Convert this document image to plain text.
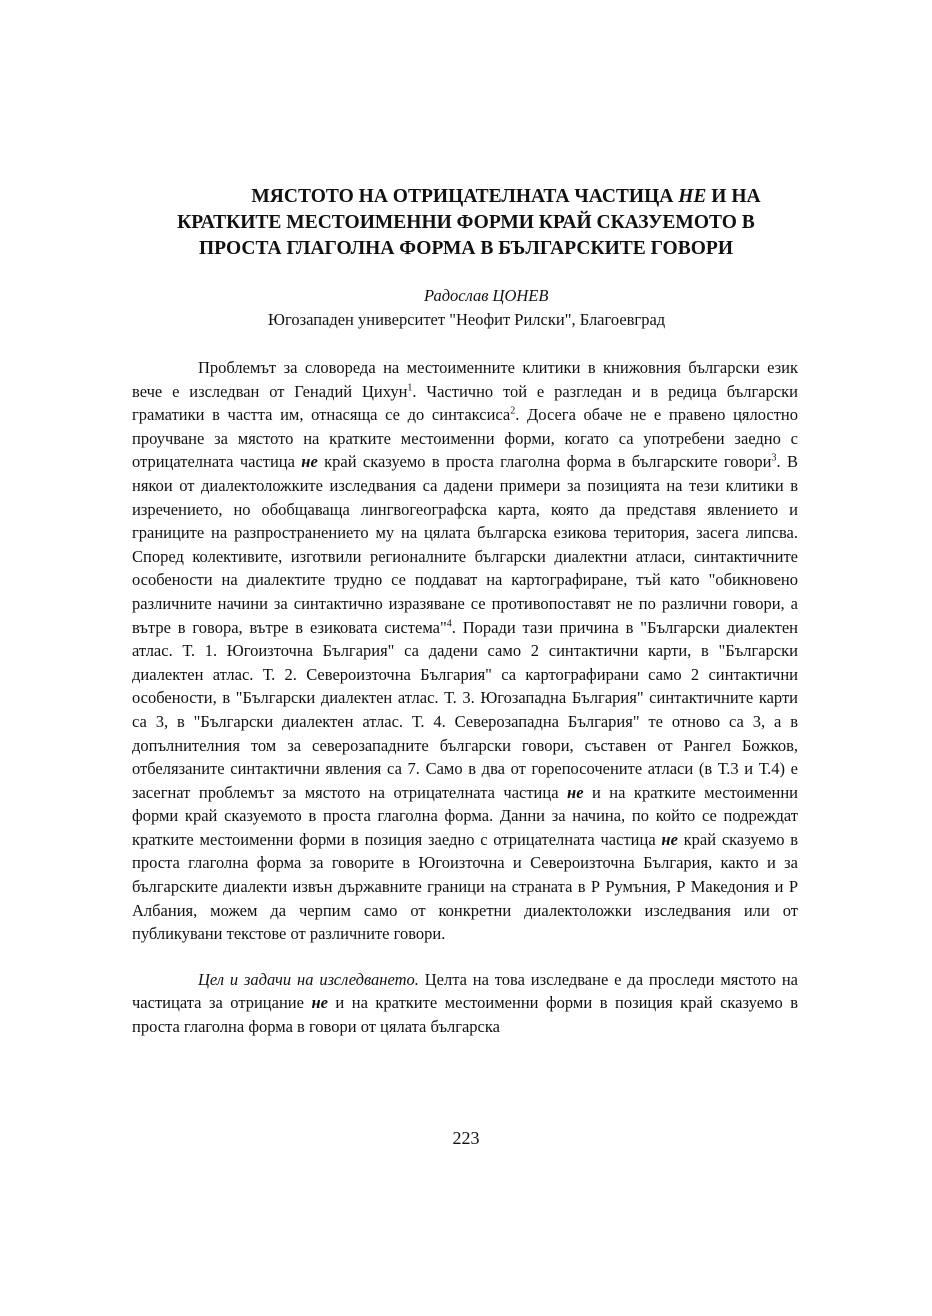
МЯСТОТО НА ОТРИЦАТЕЛНАТА ЧАСТИЦА НЕ И НА
КРАТКИТЕ МЕСТОИМЕННИ ФОРМИ КРАЙ СКАЗУЕМОТО В
ПРОСТА ГЛАГОЛНА ФОРМА В БЪЛГАРСКИТЕ ГОВОРИ
Радослав ЦОНЕВ
Югозападен университет "Неофит Рилски", Благоевград

Проблемът за словореда на местоименните клитики в книжовния български език вече е изследван от Генадий Цихун$^1$. Частично той е разгледан и в редица български граматики в частта им, отнасяща се до синтаксиса$^2$. Досега обаче не е правено цялостно проучване за мястото на кратките местоименни форми, когато са употребени заедно с отрицателната частица не край сказуемо в проста глаголна форма в българските говори$^3$. В някои от диалектоложките изследвания са дадени примери за позицията на тези клитики в изречението, но обобщаваща лингвогеографска карта, която да представя явлението и границите на разпространението му на цялата българска езикова територия, засега липсва. Според колективите, изготвили регионалните български диалектни атласи, синтактичните особености на диалектите трудно се поддават на картографиране, тъй като "обикновено различните начини за синтактично изразяване се противопоставят не по различни говори, а вътре в говора, вътре в езиковата система"$^4$. Поради тази причина в "Български диалектен атлас. Т. 1. Югоизточна България" са дадени само 2 синтактични карти, в "Български диалектен атлас. Т. 2. Североизточна България" са картографирани само 2 синтактични особености, в "Български диалектен атлас. Т. 3. Югозападна България" синтактичните карти са 3, в "Български диалектен атлас. Т. 4. Северозападна България" те отново са 3, а в допълнителния том за северозападните български говори, съставен от Рангел Божков, отбелязаните синтактични явления са 7. Само в два от горепосочените атласи (в Т.3 и Т.4) е засегнат проблемът за мястото на отрицателната частица не и на кратките местоименни форми край сказуемото в проста глаголна форма. Данни за начина, по който се подреждат кратките местоименни форми в позиция заедно с отрицателната частица не край сказуемо в проста глаголна форма за говорите в Югоизточна и Североизточна България, както и за българските диалекти извън държавните граници на страната в Р Румъния, Р Македония и Р Албания, можем да черпим само от конкретни диалектоложки изследвания или от публикувани текстове от различните говори.

Цел и задачи на изследването. Целта на това изследване е да проследи мястото на частицата за отрицание не и на кратките местоименни форми в позиция край сказуемо в проста глаголна форма в говори от цялата българска

223
